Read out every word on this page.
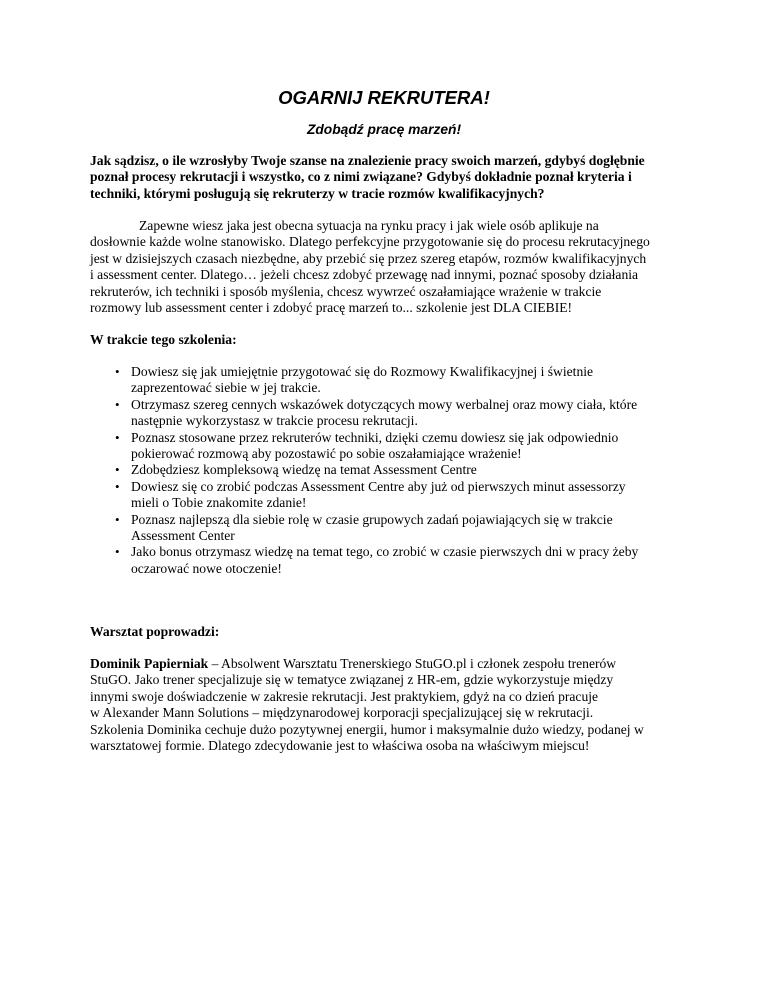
OGARNIJ REKRUTERA!
Zdobądź pracę marzeń!
Jak sądzisz, o ile wzrosłyby Twoje szanse na znalezienie pracy swoich marzeń, gdybyś dogłębnie
poznał procesy rekrutacji i wszystko, co z nimi związane? Gdybyś dokładnie poznał kryteria i
techniki, którymi posługują się rekruterzy w tracie rozmów kwalifikacyjnych?
Zapewne wiesz jaka jest obecna sytuacja na rynku pracy i jak wiele osób aplikuje na
dosłownie każde wolne stanowisko. Dlatego perfekcyjne przygotowanie się do procesu rekrutacyjnego
jest w dzisiejszych czasach niezbędne, aby przebić się przez szereg etapów, rozmów kwalifikacyjnych
i assessment center. Dlatego… jeżeli chcesz zdobyć przewagę nad innymi, poznać sposoby działania
rekruterów, ich techniki i sposób myślenia, chcesz wywrzeć oszałamiające wrażenie w trakcie
rozmowy lub assessment center i zdobyć pracę marzeń to... szkolenie jest DLA CIEBIE!
W trakcie tego szkolenia:
• Dowiesz się jak umiejętnie przygotować się do Rozmowy Kwalifikacyjnej i świetnie
zaprezentować siebie w jej trakcie.
• Otrzymasz szereg cennych wskazówek dotyczących mowy werbalnej oraz mowy ciała, które
następnie wykorzystasz w trakcie procesu rekrutacji.
• Poznasz stosowane przez rekruterów techniki, dzięki czemu dowiesz się jak odpowiednio
pokierować rozmową aby pozostawić po sobie oszałamiające wrażenie!
• Zdobędziesz kompleksową wiedzę na temat Assessment Centre
• Dowiesz się co zrobić podczas Assessment Centre aby już od pierwszych minut assessorzy
mieli o Tobie znakomite zdanie!
• Poznasz najlepszą dla siebie rolę w czasie grupowych zadań pojawiających się w trakcie
Assessment Center
• Jako bonus otrzymasz wiedzę na temat tego, co zrobić w czasie pierwszych dni w pracy żeby
oczarować nowe otoczenie!
Warsztat poprowadzi:
Dominik Papierniak – Absolwent Warsztatu Trenerskiego StuGO.pl i członek zespołu trenerów
StuGO. Jako trener specjalizuje się w tematyce związanej z HR-em, gdzie wykorzystuje między
innymi swoje doświadczenie w zakresie rekrutacji. Jest praktykiem, gdyż na co dzień pracuje
w Alexander Mann Solutions – międzynarodowej korporacji specjalizującej się w rekrutacji.
Szkolenia Dominika cechuje dużo pozytywnej energii, humor i maksymalnie dużo wiedzy, podanej w
warsztatowej formie. Dlatego zdecydowanie jest to właściwa osoba na właściwym miejscu!
